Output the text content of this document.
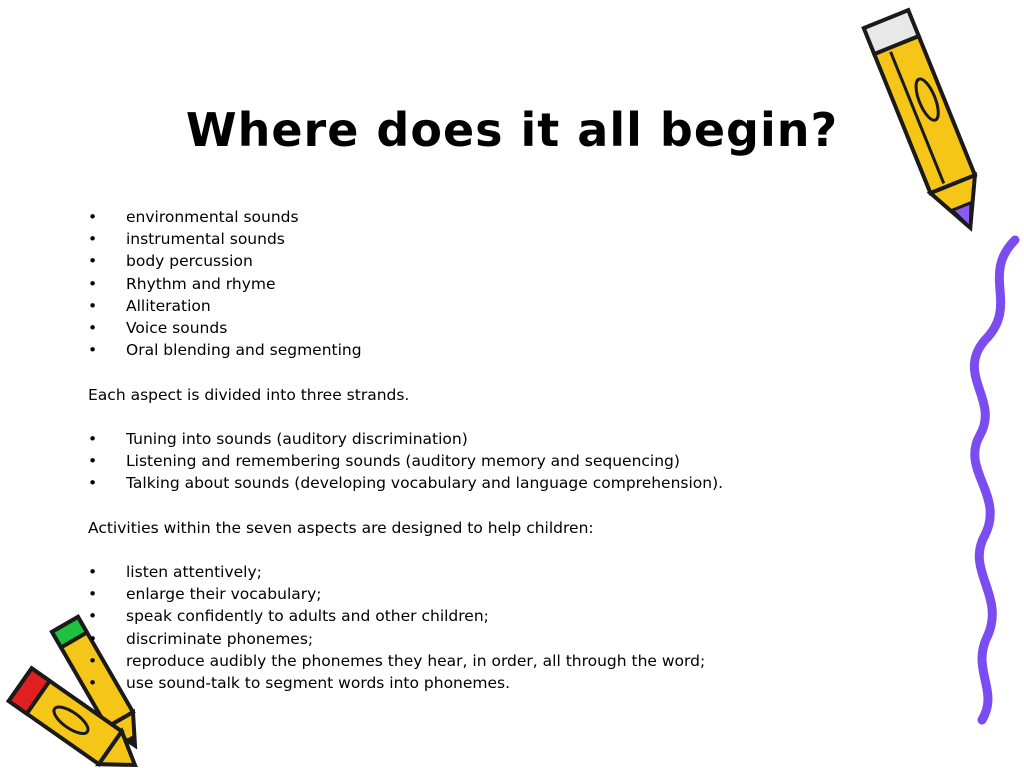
Where does it all begin?
• environmental sounds
• instrumental sounds
• body percussion
• Rhythm and rhyme
• Alliteration
• Voice sounds
• Oral blending and segmenting
Each aspect is divided into three strands.
• Tuning into sounds (auditory discrimination)
• Listening and remembering sounds (auditory memory and sequencing)
• Talking about sounds (developing vocabulary and language comprehension).
Activities within the seven aspects are designed to help children:
• listen attentively;
• enlarge their vocabulary;
• speak confidently to adults and other children;
• discriminate phonemes;
• reproduce audibly the phonemes they hear, in order, all through the word;
• use sound-talk to segment words into phonemes.
